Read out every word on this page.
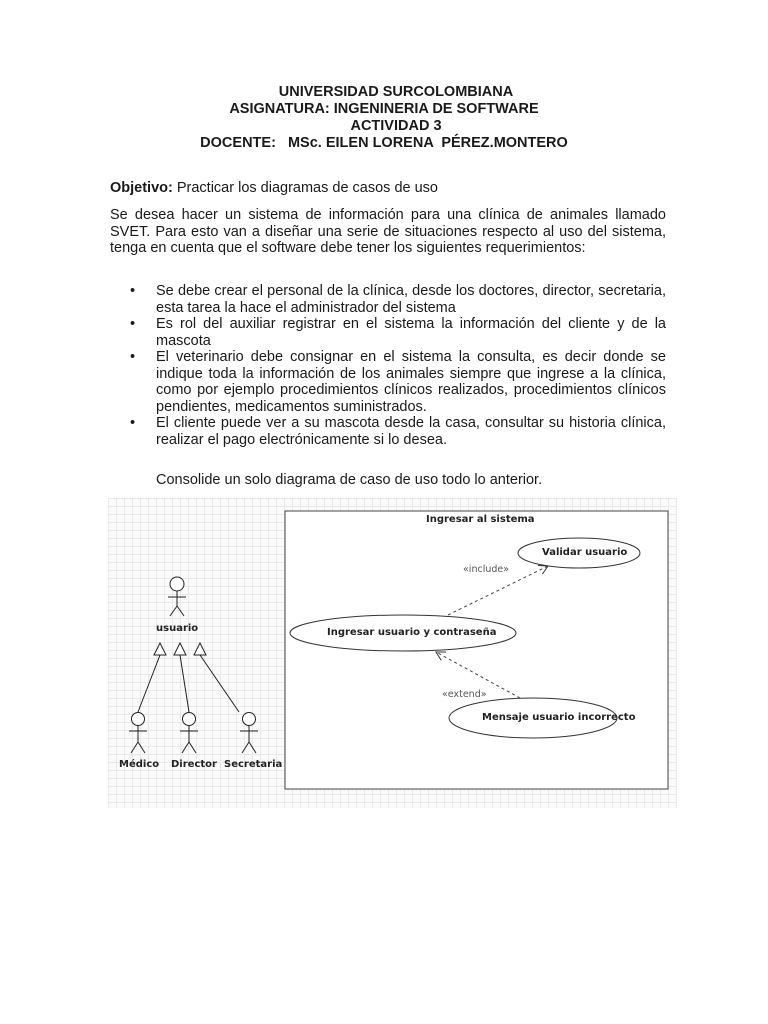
UNIVERSIDAD SURCOLOMBIANA
ASIGNATURA: INGENINERIA DE SOFTWARE
ACTIVIDAD 3
DOCENTE:   MSc. EILEN LORENA  PÉREZ.MONTERO
Objetivo: Practicar los diagramas de casos de uso
Se desea hacer un sistema de información para una clínica de animales llamado SVET. Para esto van a diseñar una serie de situaciones respecto al uso del sistema, tenga en cuenta que el software debe tener los siguientes requerimientos:
• Se debe crear el personal de la clínica, desde los doctores, director, secretaria, esta tarea la hace el administrador del sistema
• Es rol del auxiliar registrar en el sistema la información del cliente y de la mascota
• El veterinario debe consignar en el sistema la consulta, es decir donde se indique toda la información de los animales siempre que ingrese a la clínica, como por ejemplo procedimientos clínicos realizados, procedimientos clínicos pendientes, medicamentos suministrados.
• El cliente puede ver a su mascota desde la casa, consultar su historia clínica, realizar el pago electrónicamente si lo desea.
Consolide un solo diagrama de caso de uso todo lo anterior.
Ingresar al sistema
usuario
Médico Director Secretaria
Validar usuario
Ingresar usuario y contraseña
Mensaje usuario incorrecto
«include»
«extend»
